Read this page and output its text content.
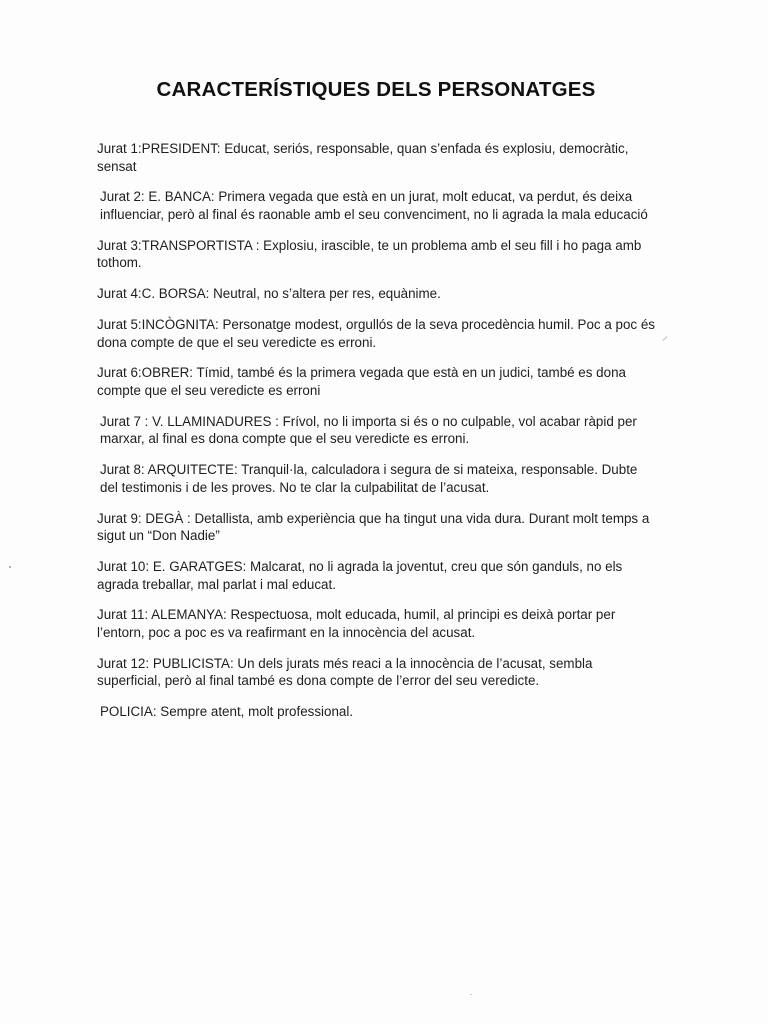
CARACTERÍSTIQUES DELS PERSONATGES

Jurat 1:PRESIDENT: Educat, seriós, responsable, quan s’enfada és explosiu, democràtic, sensat

Jurat 2: E. BANCA: Primera vegada que està en un jurat, molt educat, va perdut, és deixa influenciar, però al final és raonable amb el seu convenciment, no li agrada la mala educació

Jurat 3:TRANSPORTISTA : Explosiu, irascible, te un problema amb el seu fill i ho paga amb tothom.

Jurat 4:C. BORSA: Neutral, no s’altera per res, equànime.

Jurat 5:INCÒGNITA: Personatge modest, orgullós de la seva procedència humil. Poc a poc és dona compte de que el seu veredicte es erroni.

Jurat 6:OBRER: Tímid, també és la primera vegada que està en un judici, també es dona compte que el seu veredicte es erroni

Jurat 7 : V. LLAMINADURES : Frívol, no li importa si és o no culpable, vol acabar ràpid per marxar, al final es dona compte que el seu veredicte es erroni.

Jurat 8: ARQUITECTE: Tranquil·la, calculadora i segura de si mateixa, responsable. Dubte del testimonis i de les proves. No te clar la culpabilitat de l’acusat.

Jurat 9: DEGÀ : Detallista, amb experiència que ha tingut una vida dura. Durant molt temps a sigut un “Don Nadie”

Jurat 10: E. GARATGES: Malcarat, no li agrada la joventut, creu que són ganduls, no els agrada treballar, mal parlat i mal educat.

Jurat 11: ALEMANYA: Respectuosa, molt educada, humil, al principi es deixà portar per l’entorn, poc a poc es va reafirmant en la innocència del acusat.

Jurat 12: PUBLICISTA: Un dels jurats més reaci a la innocència de l’acusat, sembla superficial, però al final també es dona compte de l’error del seu veredicte.

POLICIA: Sempre atent, molt professional.
